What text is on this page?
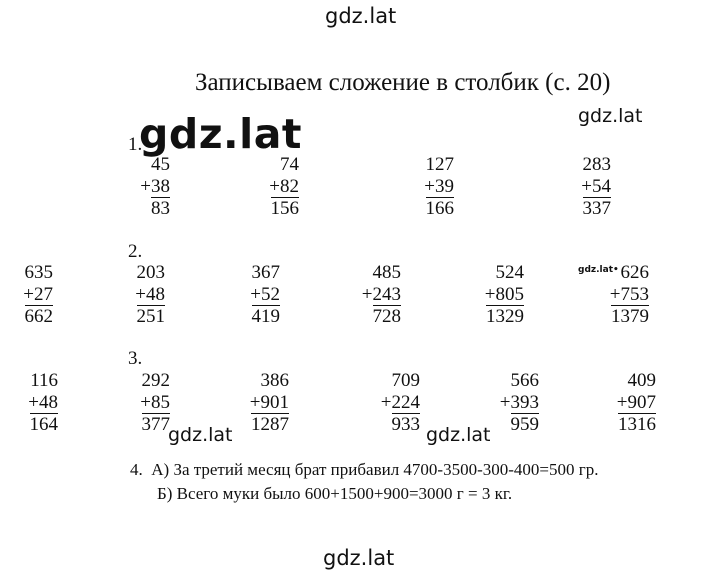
gdz.lat
gdz.lat	gdz.lat
gdz.lat•
gdz.lat	gdz.lat
gdz.lat
Записываем сложение в столбик (с. 20)
1.
45
+38
83
74
+82
156
127
+39
166
283
+54
337
2.
635
+27
662
203
+48
251
367
+52
419
485
+243
728
524
+805
1329
626
+753
1379
3.
116
+48
164
292
+85
377
386
+901
1287
709
+224
933
566
+393
959
409
+907
1316
4. А) За третий месяц брат прибавил 4700-3500-300-400=500 гр.
Б) Всего муки было 600+1500+900=3000 г = 3 кг.
